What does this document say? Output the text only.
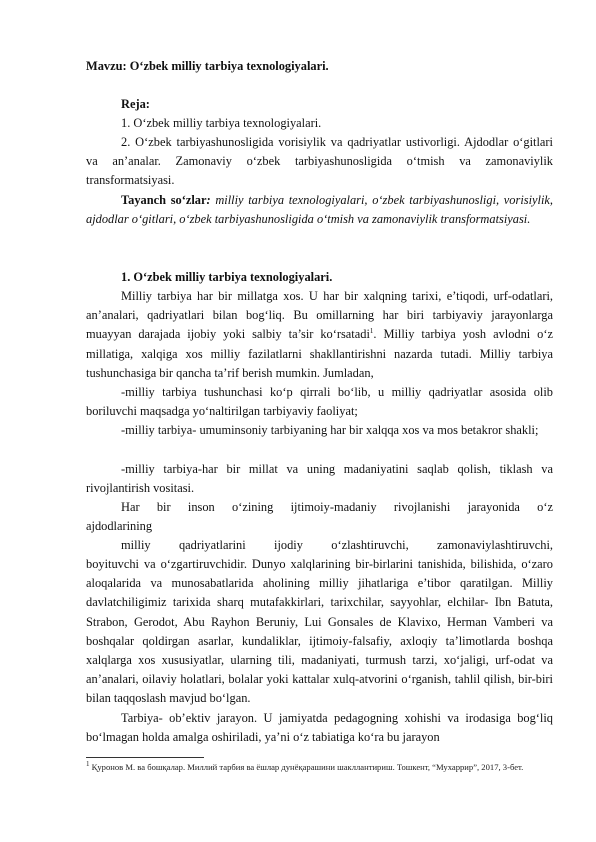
Mavzu: O‘zbek milliy tarbiya texnologiyalari.
Reja:
1. O‘zbek milliy tarbiya texnologiyalari.
2. O‘zbek tarbiyashunosligida vorisiylik va qadriyatlar ustivorligi. Ajdodlar o‘gitlari va an’analar. Zamonaviy o‘zbek tarbiyashunosligida o‘tmish va zamonaviylik transformatsiyasi.
Tayanch so‘zlar: milliy tarbiya texnologiyalari, o‘zbek tarbiyashunosligi, vorisiylik, ajdodlar o‘gitlari, o‘zbek tarbiyashunosligida o‘tmish va zamonaviylik transformatsiyasi.
1. O‘zbek milliy tarbiya texnologiyalari.
Milliy tarbiya har bir millatga xos. U har bir xalqning tarixi, e’tiqodi, urf-odatlari, an’analari, qadriyatlari bilan bog‘liq. Bu omillarning har biri tarbiyaviy jarayonlarga muayyan darajada ijobiy yoki salbiy ta’sir ko‘rsatadi$^1$. Milliy tarbiya yosh avlodni o‘z millatiga, xalqiga xos milliy fazilatlarni shakllantirishni nazarda tutadi. Milliy tarbiya tushunchasiga bir qancha ta’rif berish mumkin. Jumladan,
-milliy tarbiya tushunchasi ko‘p qirrali bo‘lib, u milliy qadriyatlar asosida olib boriluvchi maqsadga yo‘naltirilgan tarbiyaviy faoliyat;
-milliy tarbiya- umuminsoniy tarbiyaning har bir xalqqa xos va mos betakror shakli;
-milliy tarbiya-har bir millat va uning madaniyatini saqlab qolish, tiklash va rivojlantirish vositasi.
Har bir inson o‘zining ijtimoiy-madaniy rivojlanishi jarayonida o‘z
ajdodlarining
milliy qadriyatlarini ijodiy o‘zlashtiruvchi, zamonaviylashtiruvchi,
boyituvchi va o‘zgartiruvchidir. Dunyo xalqlarining bir-birlarini tanishida, bilishida, o‘zaro aloqalarida va munosabatlarida aholining milliy jihatlariga e’tibor qaratilgan. Milliy davlatchiligimiz tarixida sharq mutafakkirlari, tarixchilar, sayyohlar, elchilar- Ibn Batuta, Strabon, Gerodot, Abu Rayhon Beruniy, Lui Gonsales de Klavixo, Herman Vamberi va boshqalar qoldirgan asarlar, kundaliklar, ijtimoiy-falsafiy, axloqiy ta’limotlarda boshqa xalqlarga xos xususiyatlar, ularning tili, madaniyati, turmush tarzi, xo‘jaligi, urf-odat va an’analari, oilaviy holatlari, bolalar yoki kattalar xulq-atvorini o‘rganish, tahlil qilish, bir-biri bilan taqqoslash mavjud bo‘lgan.
Tarbiya- ob’ektiv jarayon. U jamiyatda pedagogning xohishi va irodasiga bog‘liq bo‘lmagan holda amalga oshiriladi, ya’ni o‘z tabiatiga ko‘ra bu jarayon
$^1$ Қуронов М. ва бошқалар. Миллий тарбия ва ёшлар дунёқарашини шакллантириш. Тошкент, “Мухаррир”, 2017, 3-бет.
